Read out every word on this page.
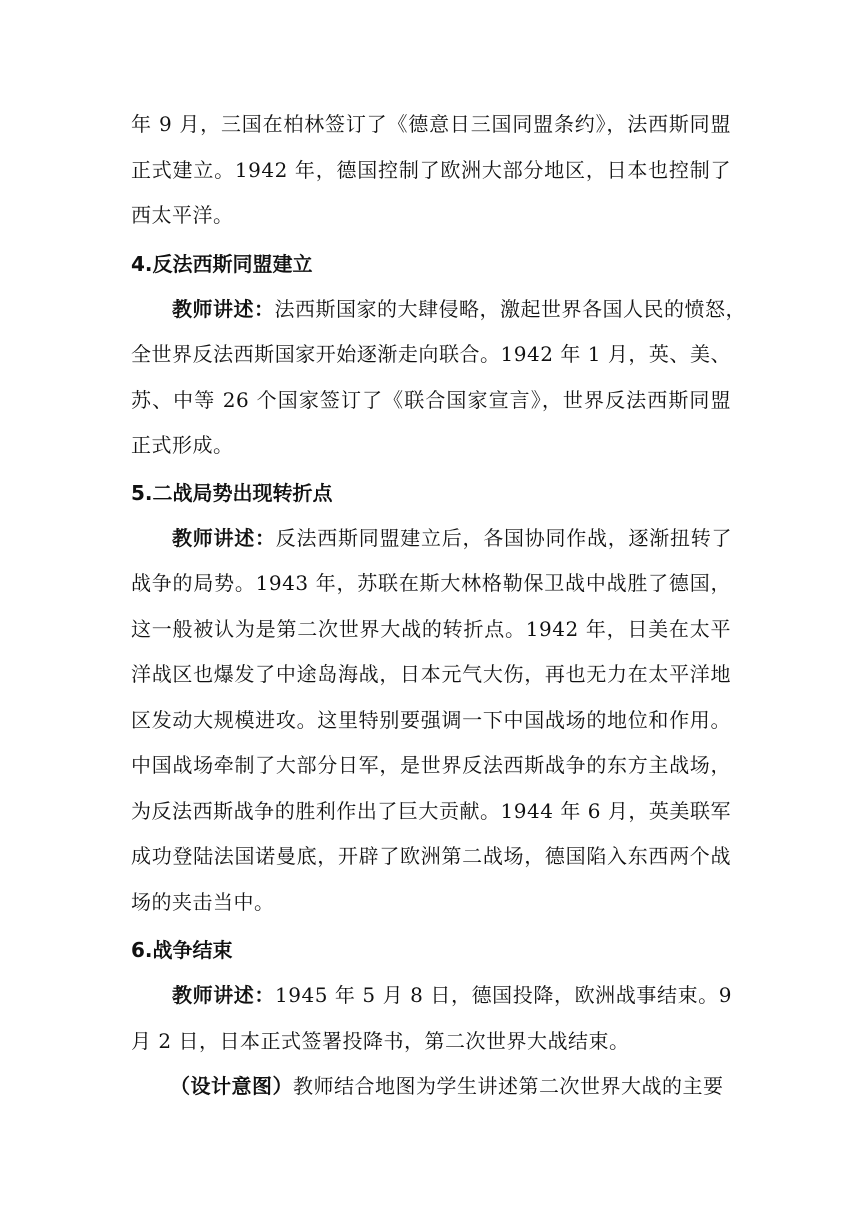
年 9 月，三国在柏林签订了《德意日三国同盟条约》，法西斯同盟
正式建立。1942 年，德国控制了欧洲大部分地区，日本也控制了
西太平洋。
4.反法西斯同盟建立
教师讲述：法西斯国家的大肆侵略，激起世界各国人民的愤怒，
全世界反法西斯国家开始逐渐走向联合。1942 年 1 月，英、美、
苏、中等 26 个国家签订了《联合国家宣言》，世界反法西斯同盟
正式形成。
5.二战局势出现转折点
教师讲述：反法西斯同盟建立后，各国协同作战，逐渐扭转了
战争的局势。1943 年，苏联在斯大林格勒保卫战中战胜了德国，
这一般被认为是第二次世界大战的转折点。1942 年，日美在太平
洋战区也爆发了中途岛海战，日本元气大伤，再也无力在太平洋地
区发动大规模进攻。这里特别要强调一下中国战场的地位和作用。
中国战场牵制了大部分日军，是世界反法西斯战争的东方主战场，
为反法西斯战争的胜利作出了巨大贡献。1944 年 6 月，英美联军
成功登陆法国诺曼底，开辟了欧洲第二战场，德国陷入东西两个战
场的夹击当中。
6.战争结束
教师讲述：1945 年 5 月 8 日，德国投降，欧洲战事结束。9
月 2 日，日本正式签署投降书，第二次世界大战结束。
（设计意图）教师结合地图为学生讲述第二次世界大战的主要
